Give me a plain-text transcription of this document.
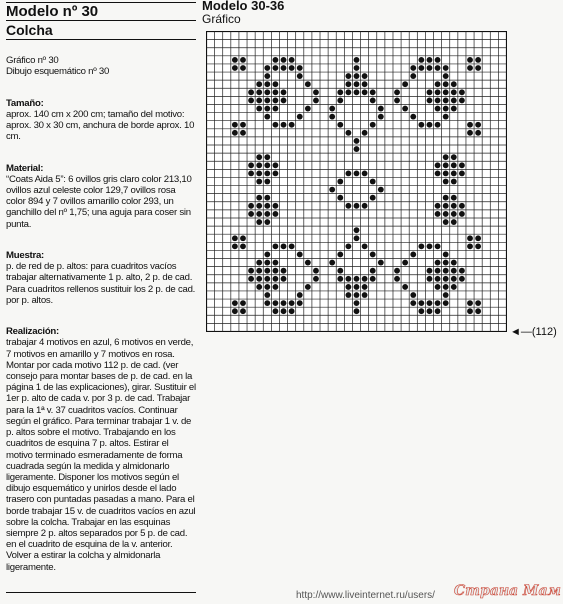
Modelo nº 30
Colcha

Gráfico nº 30

Dibujo esquemático nº 30

Tamaño:
aprox. 140 cm x 200 cm; tamaño del motivo: aprox. 30 x 30 cm, anchura de borde aprox. 10 cm.

Material:
“Coats Aida 5”: 6 ovillos gris claro color 213,10 ovillos azul celeste color 129,7 ovillos rosa color 894 y 7 ovillos amarillo color 293, un ganchillo del nº 1,75; una aguja para coser sin punta.

Muestra:
p. de red de p. altos: para cuadritos vacíos trabajar alternativamente 1 p. alto, 2 p. de cad. Para cuadritos rellenos sustituir los 2 p. de cad. por p. altos.

Realización:
trabajar 4 motivos en azul, 6 motivos en verde, 7 motivos en amarillo y 7 motivos en rosa. Montar por cada motivo 112 p. de cad. (ver consejo para montar bases de p. de cad. en la página 1 de las explicaciones), girar. Sustituir el 1er p. alto de cada v. por 3 p. de cad. Trabajar para la 1ª v. 37 cuadritos vacíos. Continuar según el gráfico. Para terminar trabajar 1 v. de p. altos sobre el motivo. Trabajando en los cuadritos de esquina 7 p. altos. Estirar el motivo terminado esmeradamente de forma cuadrada según la medida y almidonarlo ligeramente. Disponer los motivos según el dibujo esquemático y unirlos desde el lado trasero con puntadas pasadas a mano. Para el borde trabajar 15 v. de cuadritos vacíos en azul sobre la colcha. Trabajar en las esquinas siempre 2 p. altos separados por 5 p. de cad. en el cuadrito de esquina de la v. anterior. Volver a estirar la colcha y almidonarla ligeramente.

Modelo 30-36
Gráfico
◄—(112)
http://www.liveinternet.ru/users/ Страна Мам
